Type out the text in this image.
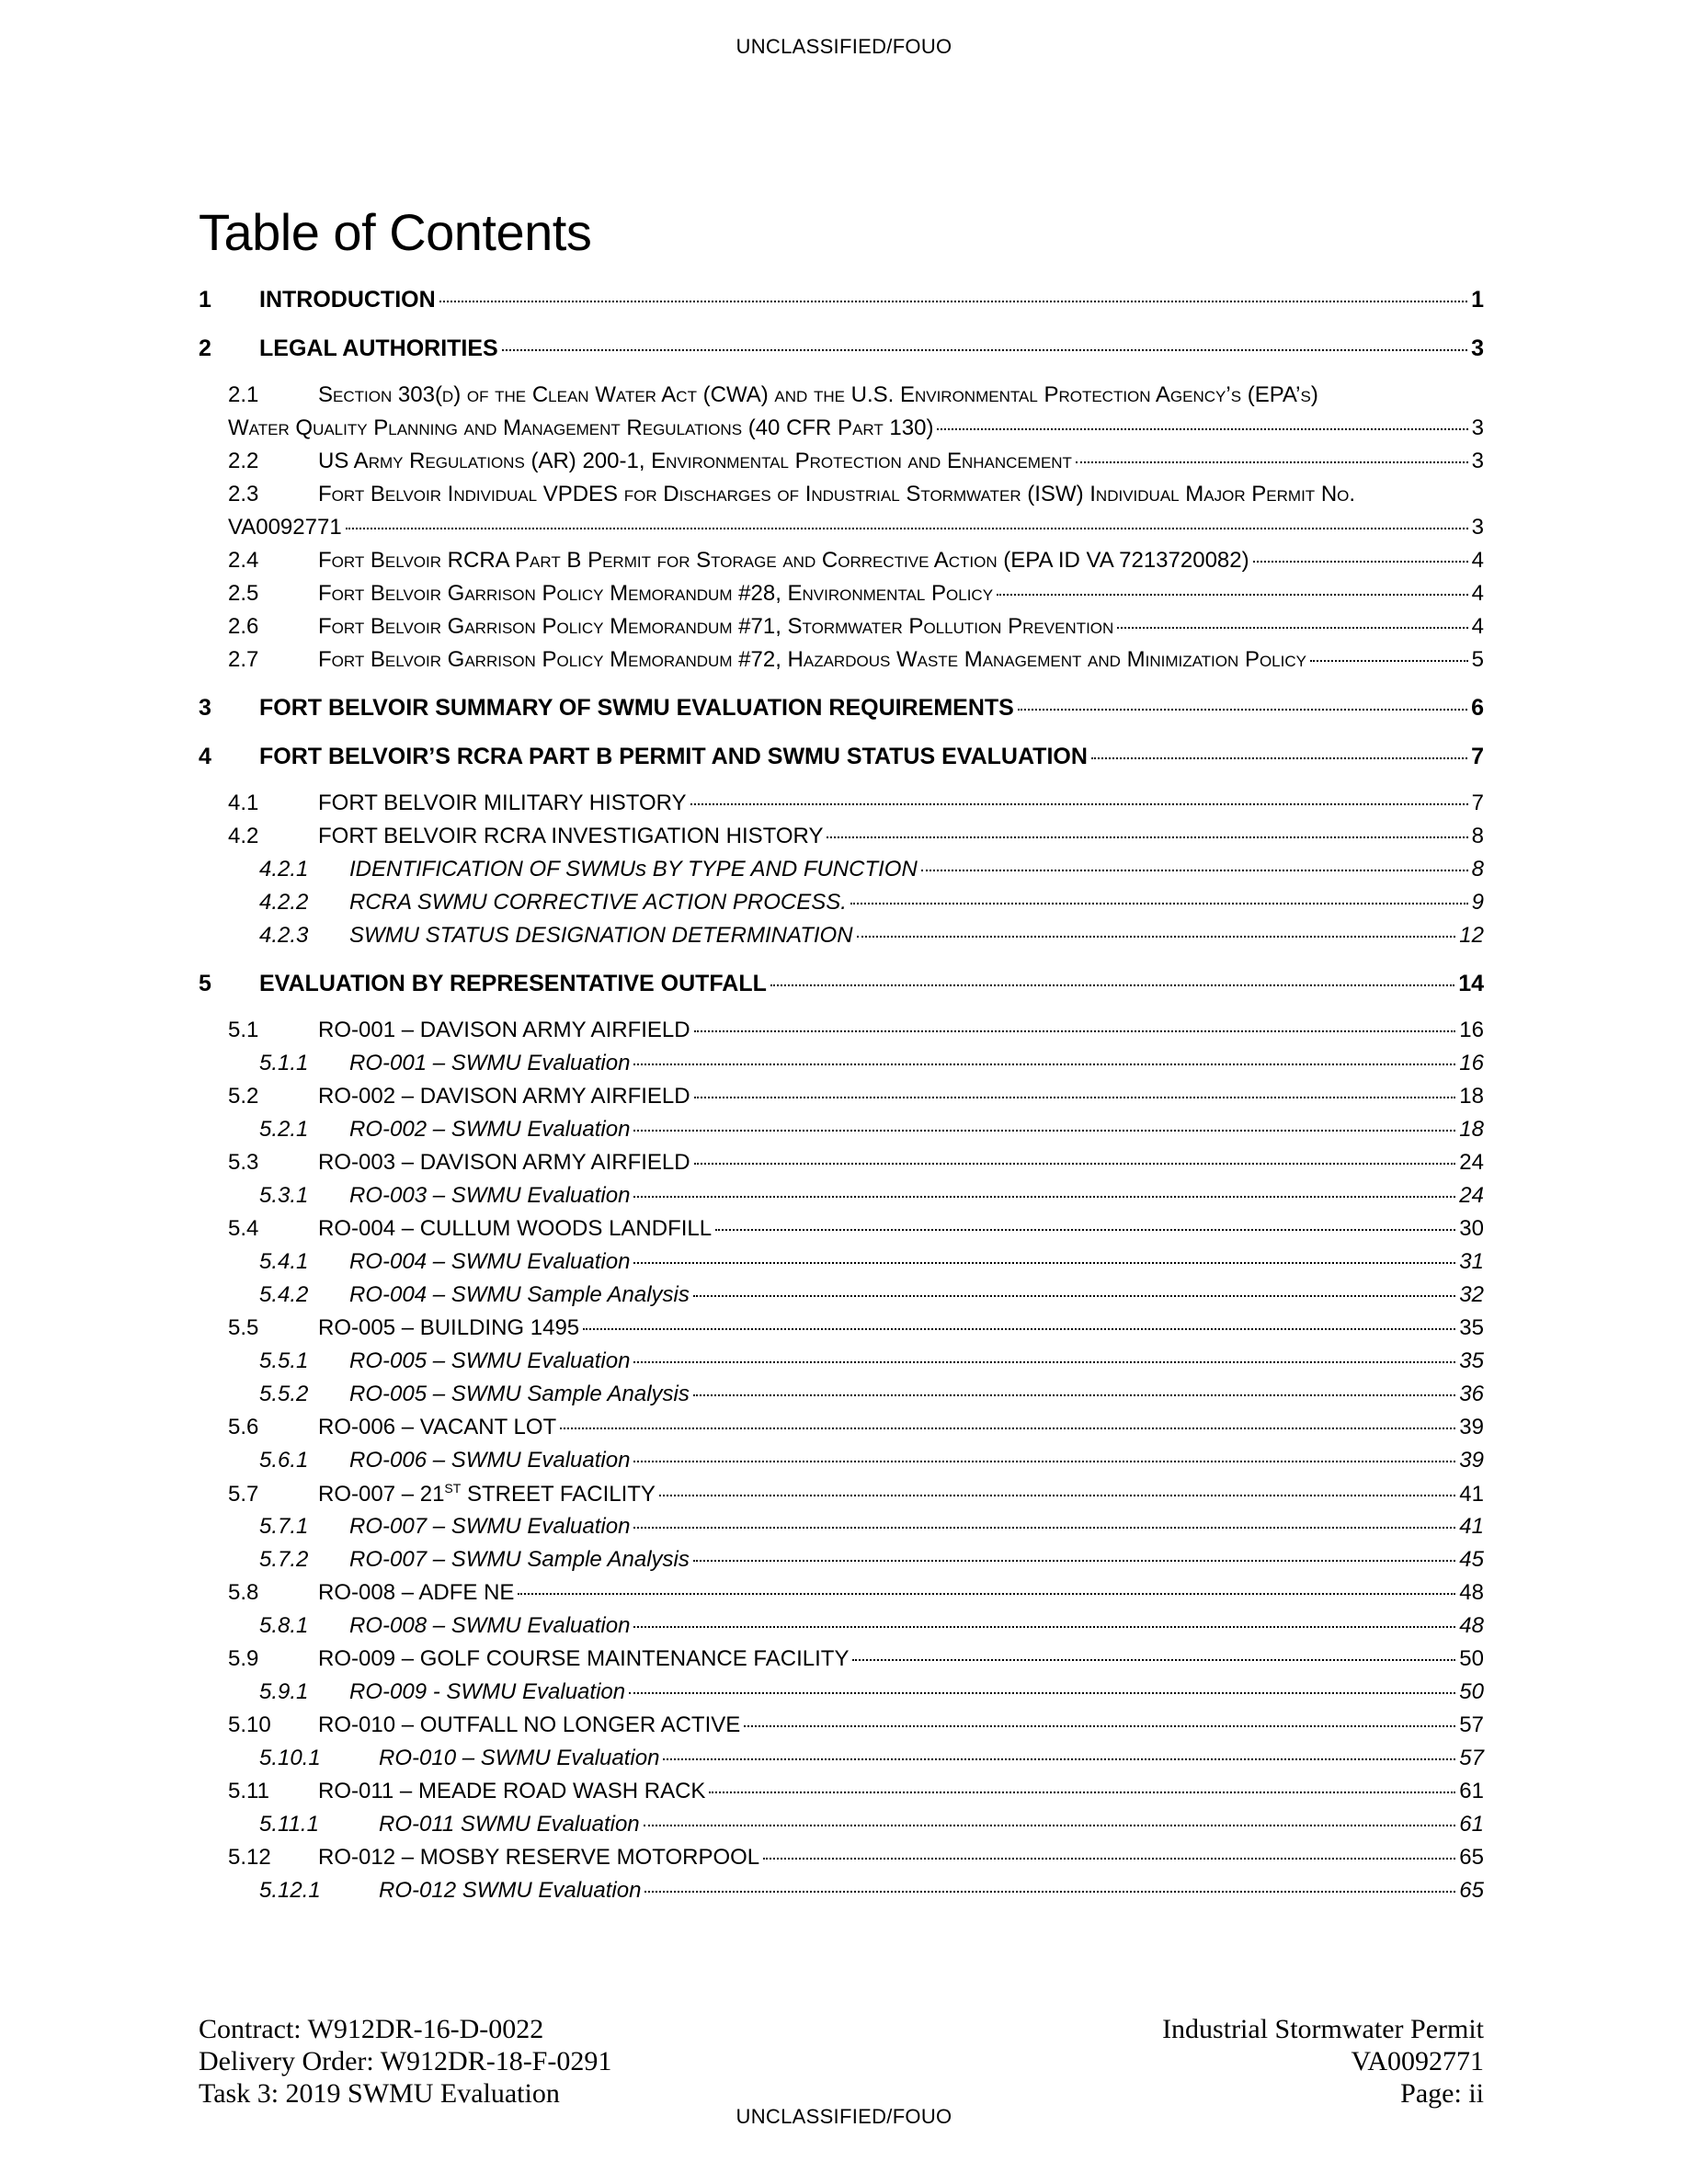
UNCLASSIFIED/FOUO
Table of Contents
1	INTRODUCTION	1
2	LEGAL AUTHORITIES	3
2.1	Section 303(d) of the Clean Water Act (CWA) and the U.S. Environmental Protection Agency’s (EPA’s)
Water Quality Planning and Management Regulations (40 CFR Part 130)	3
2.2	US Army Regulations (AR) 200-1, Environmental Protection and Enhancement	3
2.3	Fort Belvoir Individual VPDES for Discharges of Industrial Stormwater (ISW) Individual Major Permit No.
VA0092771	3
2.4	Fort Belvoir RCRA Part B Permit for Storage and Corrective Action (EPA ID VA 7213720082)	4
2.5	Fort Belvoir Garrison Policy Memorandum #28, Environmental Policy	4
2.6	Fort Belvoir Garrison Policy Memorandum #71, Stormwater Pollution Prevention	4
2.7	Fort Belvoir Garrison Policy Memorandum #72, Hazardous Waste Management and Minimization Policy	5
3	FORT BELVOIR SUMMARY OF SWMU EVALUATION REQUIREMENTS	6
4	FORT BELVOIR’S RCRA PART B PERMIT AND SWMU STATUS EVALUATION	7
4.1	FORT BELVOIR MILITARY HISTORY	7
4.2	FORT BELVOIR RCRA INVESTIGATION HISTORY	8
4.2.1	IDENTIFICATION OF SWMUs BY TYPE AND FUNCTION	8
4.2.2	RCRA SWMU CORRECTIVE ACTION PROCESS.	9
4.2.3	SWMU STATUS DESIGNATION DETERMINATION	12
5	EVALUATION BY REPRESENTATIVE OUTFALL	14
5.1	RO-001 – DAVISON ARMY AIRFIELD	16
5.1.1	RO-001 – SWMU Evaluation	16
5.2	RO-002 – DAVISON ARMY AIRFIELD	18
5.2.1	RO-002 – SWMU Evaluation	18
5.3	RO-003 – DAVISON ARMY AIRFIELD	24
5.3.1	RO-003 – SWMU Evaluation	24
5.4	RO-004 – CULLUM WOODS LANDFILL	30
5.4.1	RO-004 – SWMU Evaluation	31
5.4.2	RO-004 – SWMU Sample Analysis	32
5.5	RO-005 – BUILDING 1495	35
5.5.1	RO-005 – SWMU Evaluation	35
5.5.2	RO-005 – SWMU Sample Analysis	36
5.6	RO-006 – VACANT LOT	39
5.6.1	RO-006 – SWMU Evaluation	39
5.7	RO-007 – 21ST STREET FACILITY	41
5.7.1	RO-007 – SWMU Evaluation	41
5.7.2	RO-007 – SWMU Sample Analysis	45
5.8	RO-008 – ADFE NE	48
5.8.1	RO-008 – SWMU Evaluation	48
5.9	RO-009 – GOLF COURSE MAINTENANCE FACILITY	50
5.9.1	RO-009 - SWMU Evaluation	50
5.10	RO-010 – OUTFALL NO LONGER ACTIVE	57
5.10.1	RO-010 – SWMU Evaluation	57
5.11	RO-011 – MEADE ROAD WASH RACK	61
5.11.1	RO-011 SWMU Evaluation	61
5.12	RO-012 – MOSBY RESERVE MOTORPOOL	65
5.12.1	RO-012 SWMU Evaluation	65
Contract: W912DR-16-D-0022
Delivery Order: W912DR-18-F-0291
Task 3: 2019 SWMU Evaluation
Industrial Stormwater Permit
VA0092771
Page: ii
UNCLASSIFIED/FOUO
